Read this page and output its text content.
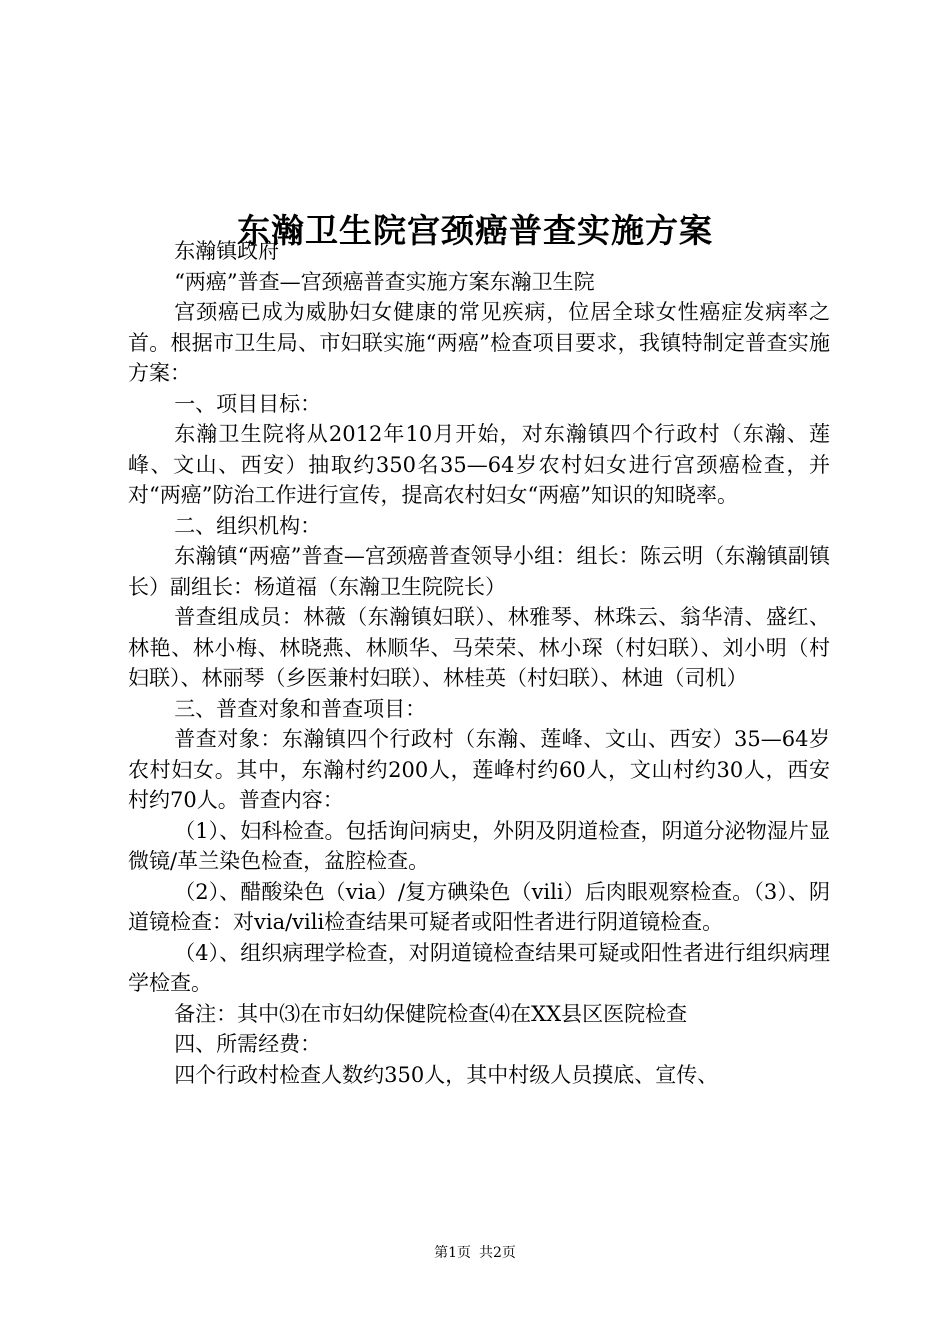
东瀚卫生院宫颈癌普查实施方案

东瀚镇政府

“两癌”普查—宫颈癌普查实施方案东瀚卫生院

宫颈癌已成为威胁妇女健康的常见疾病，位居全球女性癌症发病率之首。根据市卫生局、市妇联实施“两癌”检查项目要求，我镇特制定普查实施方案：

一、项目目标：

东瀚卫生院将从2012年10月开始，对东瀚镇四个行政村（东瀚、莲峰、文山、西安）抽取约350名35—64岁农村妇女进行宫颈癌检查，并对“两癌”防治工作进行宣传，提高农村妇女“两癌”知识的知晓率。

二、组织机构：

东瀚镇“两癌”普查—宫颈癌普查领导小组：组长：陈云明（东瀚镇副镇长）副组长：杨道福（东瀚卫生院院长）

普查组成员：林薇（东瀚镇妇联）、林雅琴、林珠云、翁华清、盛红、林艳、林小梅、林晓燕、林顺华、马荣荣、林小琛（村妇联）、刘小明（村妇联）、林丽琴（乡医兼村妇联）、林桂英（村妇联）、林迪（司机）

三、普查对象和普查项目：

普查对象：东瀚镇四个行政村（东瀚、莲峰、文山、西安）35—64岁农村妇女。其中，东瀚村约200人，莲峰村约60人，文山村约30人，西安村约70人。普查内容：

（1）、妇科检查。包括询问病史，外阴及阴道检查，阴道分泌物湿片显微镜/革兰染色检查，盆腔检查。

（2）、醋酸染色（via）/复方碘染色（vili）后肉眼观察检查。（3）、阴道镜检查：对via/vili检查结果可疑者或阳性者进行阴道镜检查。

（4）、组织病理学检查，对阴道镜检查结果可疑或阳性者进行组织病理学检查。

备注：其中⑶在市妇幼保健院检查⑷在XX县区医院检查

四、所需经费：

四个行政村检查人数约350人，其中村级人员摸底、宣传、

第1页 共2页
